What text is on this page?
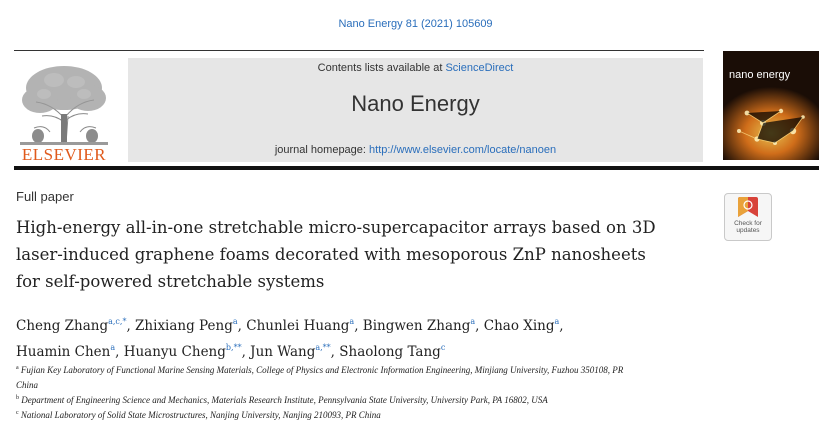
Nano Energy 81 (2021) 105609
ELSEVIER
Contents lists available at ScienceDirect
Nano Energy
journal homepage: http://www.elsevier.com/locate/nanoen
nano energy
Full paper
High-energy all-in-one stretchable micro-supercapacitor arrays based on 3D
laser-induced graphene foams decorated with mesoporous ZnP nanosheets
for self-powered stretchable systems
Check for
updates
Cheng Zhang$^{a,c,*}$, Zhixiang Peng$^a$, Chunlei Huang$^a$, Bingwen Zhang$^a$, Chao Xing$^a$,
Huamin Chen$^a$, Huanyu Cheng$^{b,**}$, Jun Wang$^{a,**}$, Shaolong Tang$^c$
$^a$ Fujian Key Laboratory of Functional Marine Sensing Materials, College of Physics and Electronic Information Engineering, Minjiang University, Fuzhou 350108, PR
China
$^b$ Department of Engineering Science and Mechanics, Materials Research Institute, Pennsylvania State University, University Park, PA 16802, USA
$^c$ National Laboratory of Solid State Microstructures, Nanjing University, Nanjing 210093, PR China
